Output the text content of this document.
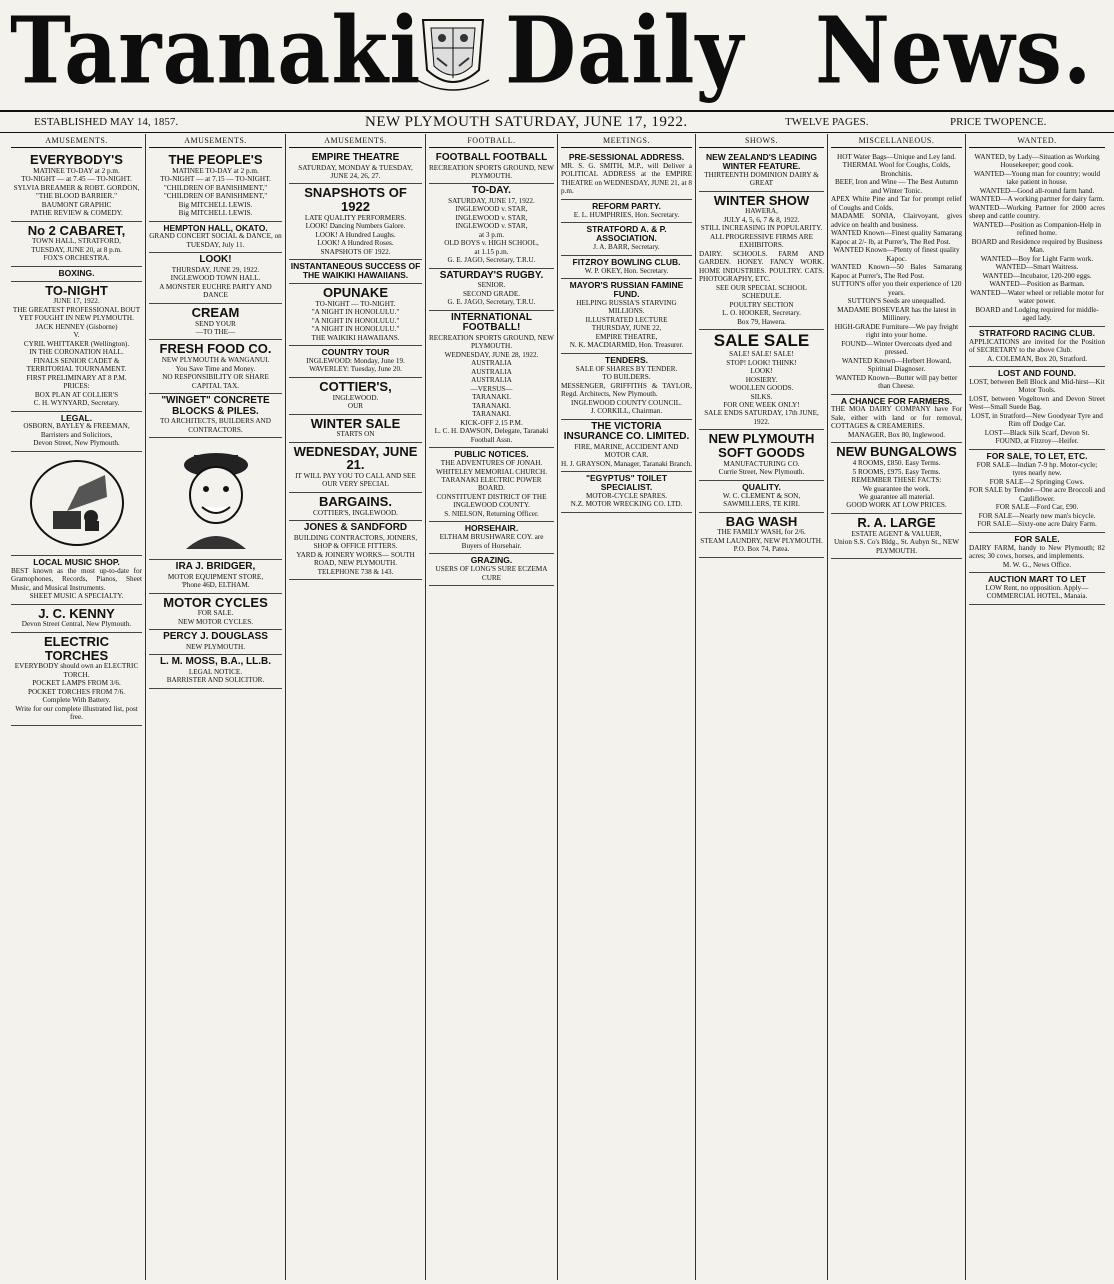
Taranaki Daily News.
ESTABLISHED MAY 14, 1857.	NEW PLYMOUTH SATURDAY, JUNE 17, 1922.	TWELVE PAGES.	PRICE TWOPENCE.
AMUSEMENTS.
EVERYBODY'S

MATINEE TO-DAY at 2 p.m.

TO-NIGHT — at 7.45 — TO-NIGHT.

SYLVIA BREAMER & ROBT. GORDON,

"THE BLOOD BARRIER."

BAUMONT GRAPHIC

PATHE REVIEW & COMEDY.

No 2 CABARET,

TOWN HALL, STRATFORD,

TUESDAY, JUNE 20, at 8 p.m.

FOX'S ORCHESTRA.

BOXING.
TO-NIGHT

JUNE 17, 1922.

THE GREATEST PROFESSIONAL BOUT YET FOUGHT IN NEW PLYMOUTH.

JACK HENNEY (Gisborne)

V.

CYRIL WHITTAKER (Wellington).

IN THE CORONATION HALL.

FINALS SENIOR CADET & TERRITORIAL TOURNAMENT.

FIRST PRELIMINARY AT 8 P.M.

PRICES:

BOX PLAN AT COLLIER'S

C. H. WYNYARD, Secretary.

LEGAL.

OSBORN, BAYLEY & FREEMAN, Barristers and Solicitors,

Devon Street, New Plymouth.

LOCAL MUSIC SHOP.

BEST known as the most up-to-date for Gramophones, Records, Pianos, Sheet Music, and Musical Instruments.

SHEET MUSIC A SPECIALTY.

J. C. KENNY

Devon Street Central, New Plymouth.

ELECTRIC TORCHES

EVERYBODY should own an ELECTRIC TORCH.

POCKET LAMPS FROM 3/6.

POCKET TORCHES FROM 7/6.

Complete With Battery.

Write for our complete illustrated list, post free.

AMUSEMENTS.
THE PEOPLE'S

MATINEE TO-DAY at 2 p.m.

TO-NIGHT — at 7.15 — TO-NIGHT.

"CHILDREN OF BANISHMENT,"

"CHILDREN OF BANISHMENT,"

Big MITCHELL LEWIS.

Big MITCHELL LEWIS.

HEMPTON HALL, OKATO.

GRAND CONCERT SOCIAL & DANCE, on TUESDAY, July 11.

LOOK!

THURSDAY, JUNE 29, 1922.

INGLEWOOD TOWN HALL.

A MONSTER EUCHRE PARTY AND DANCE

CREAM

SEND YOUR

—TO THE—

FRESH FOOD CO.

NEW PLYMOUTH & WANGANUI.

You Save Time and Money.

NO RESPONSIBILITY OR SHARE CAPITAL TAX.

"WINGET" CONCRETE BLOCKS & PILES.

TO ARCHITECTS, BUILDERS AND CONTRACTORS.

IRA J. BRIDGER,

MOTOR EQUIPMENT STORE,

'Phone 46D, ELTHAM.

MOTOR CYCLES

FOR SALE.

NEW MOTOR CYCLES.

PERCY J. DOUGLASS

NEW PLYMOUTH.

L. M. MOSS, B.A., LL.B.

LEGAL NOTICE.

BARRISTER AND SOLICITOR.

AMUSEMENTS.
EMPIRE THEATRE

SATURDAY, MONDAY & TUESDAY, JUNE 24, 26, 27.

SNAPSHOTS OF 1922

LATE QUALITY PERFORMERS.

LOOK! Dancing Numbers Galore.

LOOK! A Hundred Laughs.

LOOK! A Hundred Roses.

SNAPSHOTS OF 1922.

INSTANTANEOUS SUCCESS OF THE WAIKIKI HAWAIIANS.
OPUNAKE

TO-NIGHT — TO-NIGHT.

"A NIGHT IN HONOLULU."

"A NIGHT IN HONOLULU."

"A NIGHT IN HONOLULU."

THE WAIKIKI HAWAIIANS.

COUNTRY TOUR

INGLEWOOD: Monday, June 19.

WAVERLEY: Tuesday, June 20.

COTTIER'S,

INGLEWOOD.

OUR

WINTER SALE

STARTS ON

WEDNESDAY, JUNE 21.

IT WILL PAY YOU TO CALL AND SEE OUR VERY SPECIAL

BARGAINS.

COTTIER'S, INGLEWOOD.

JONES & SANDFORD

BUILDING CONTRACTORS, JOINERS, SHOP & OFFICE FITTERS.

YARD & JOINERY WORKS— SOUTH ROAD, NEW PLYMOUTH.

TELEPHONE 738 & 143.

FOOTBALL.
FOOTBALL FOOTBALL

RECREATION SPORTS GROUND, NEW PLYMOUTH.

TO-DAY.

SATURDAY, JUNE 17, 1922.

INGLEWOOD v. STAR,

INGLEWOOD v. STAR,

INGLEWOOD v. STAR,

at 3 p.m.

OLD BOYS v. HIGH SCHOOL,

at 1.15 p.m.

G. E. JAGO, Secretary, T.R.U.

SATURDAY'S RUGBY.

SENIOR.

SECOND GRADE.

G. E. JAGO, Secretary, T.R.U.

INTERNATIONAL FOOTBALL!

RECREATION SPORTS GROUND, NEW PLYMOUTH.

WEDNESDAY, JUNE 28, 1922.

AUSTRALIA

AUSTRALIA

AUSTRALIA

—VERSUS—

TARANAKI.

TARANAKI.

TARANAKI.

KICK-OFF 2.15 P.M.

L. C. H. DAWSON, Delegate, Taranaki Football Assn.

PUBLIC NOTICES.

THE ADVENTURES OF JONAH.

WHITELEY MEMORIAL CHURCH.

TARANAKI ELECTRIC POWER BOARD.

CONSTITUENT DISTRICT OF THE INGLEWOOD COUNTY.

S. NIELSON, Returning Officer.

HORSEHAIR.

ELTHAM BRUSHWARE COY. are Buyers of Horsehair.

GRAZING.

USERS OF LONG'S SURE ECZEMA CURE

MEETINGS.
PRE-SESSIONAL ADDRESS.

MR. S. G. SMITH, M.P., will Deliver a POLITICAL ADDRESS at the EMPIRE THEATRE on WEDNESDAY, JUNE 21, at 8 p.m.

REFORM PARTY.

E. L. HUMPHRIES, Hon. Secretary.

STRATFORD A. & P. ASSOCIATION.

J. A. BARR, Secretary.

FITZROY BOWLING CLUB.

W. P. OKEY, Hon. Secretary.

MAYOR'S RUSSIAN FAMINE FUND.

HELPING RUSSIA'S STARVING MILLIONS.

ILLUSTRATED LECTURE

THURSDAY, JUNE 22,

EMPIRE THEATRE,

N. K. MACDIARMID, Hon. Treasurer.

TENDERS.

SALE OF SHARES BY TENDER.

TO BUILDERS.

MESSENGER, GRIFFITHS & TAYLOR, Regd. Architects, New Plymouth.

INGLEWOOD COUNTY COUNCIL.

J. CORKILL, Chairman.

THE VICTORIA INSURANCE CO. LIMITED.

FIRE, MARINE, ACCIDENT AND MOTOR CAR.

H. J. GRAYSON, Manager, Taranaki Branch.

"EGYPTUS" TOILET SPECIALIST.

MOTOR-CYCLE SPARES.

N.Z. MOTOR WRECKING CO. LTD.

SHOWS.
NEW ZEALAND'S LEADING WINTER FEATURE.

THIRTEENTH DOMINION DAIRY & GREAT

WINTER SHOW

HAWERA,

JULY 4, 5, 6, 7 & 8, 1922.

STILL INCREASING IN POPULARITY.

ALL PROGRESSIVE FIRMS ARE EXHIBITORS.

DAIRY. SCHOOLS. FARM AND GARDEN. HONEY. FANCY WORK. HOME INDUSTRIES. POULTRY. CATS. PHOTOGRAPHY, ETC.

SEE OUR SPECIAL SCHOOL SCHEDULE.

POULTRY SECTION

L. O. HOOKER, Secretary.

Box 79, Hawera.

SALE SALE

SALE! SALE! SALE!

STOP! LOOK! THINK!

LOOK!

HOSIERY.

WOOLLEN GOODS.

SILKS.

FOR ONE WEEK ONLY!

SALE ENDS SATURDAY, 17th JUNE, 1922.

NEW PLYMOUTH SOFT GOODS

MANUFACTURING CO.

Currie Street, New Plymouth.

QUALITY.

W. C. CLEMENT & SON, SAWMILLERS, TE KIRI.

BAG WASH

THE FAMILY WASH, for 2/6.

STEAM LAUNDRY, NEW PLYMOUTH.

P.O. Box 74, Patea.

MISCELLANEOUS.

HOT Water Bags—Unique and Ley land.

THERMAL Wool for Coughs, Colds, Bronchitis.

BEEF, Iron and Wine — The Best Autumn and Winter Tonic.

APEX White Pine and Tar for prompt relief of Coughs and Colds.

MADAME SONIA, Clairvoyant, gives advice on health and business.

WANTED Known—Finest quality Samarang Kapoc at 2/- lb, at Purrer's, The Red Post.

WANTED Known—Plenty of finest quality Kapoc.

WANTED Known—50 Bales Samarang Kapoc at Purrer's, The Red Post.

SUTTON'S offer you their experience of 120 years.

SUTTON'S Seeds are unequalled.

MADAME BOSEVEAR has the latest in Millinery.

HIGH-GRADE Furniture—We pay freight right into your home.

FOUND—Winter Overcoats dyed and pressed.

WANTED Known—Herbert Howard, Spiritual Diagnoser.

WANTED Known—Butter will pay better than Cheese.

A CHANCE FOR FARMERS.

THE MOA DAIRY COMPANY have For Sale, either with land or for removal, COTTAGES & CREAMERIES.

MANAGER, Box 80, Inglewood.

NEW BUNGALOWS

4 ROOMS, £850. Easy Terms.

5 ROOMS, £975. Easy Terms.

REMEMBER THESE FACTS:

We guarantee the work.

We guarantee all material.

GOOD WORK AT LOW PRICES.

R. A. LARGE

ESTATE AGENT & VALUER,

Union S.S. Co's Bldg., St. Aubyn St., NEW PLYMOUTH.

WANTED.

WANTED, by Lady—Situation as Working Housekeeper; good cook.

WANTED—Young man for country; would take patient in house.

WANTED—Good all-round farm hand.

WANTED—A working partner for dairy farm.

WANTED—Working Partner for 2000 acres sheep and cattle country.

WANTED—Position as Companion-Help in refined home.

BOARD and Residence required by Business Man.

WANTED—Boy for Light Farm work.

WANTED—Smart Waitress.

WANTED—Incubator, 120-200 eggs.

WANTED—Position as Barman.

WANTED—Water wheel or reliable motor for water power.

BOARD and Lodging required for middle-aged lady.

STRATFORD RACING CLUB.

APPLICATIONS are invited for the Position of SECRETARY to the above Club.

A. COLEMAN, Box 20, Stratford.

LOST AND FOUND.

LOST, between Bell Block and Mid-hirst—Kit Motor Tools.

LOST, between Vogeltown and Devon Street West—Small Suede Bag.

LOST, in Stratford—New Goodyear Tyre and Rim off Dodge Car.

LOST—Black Silk Scarf, Devon St.

FOUND, at Fitzroy—Heifer.

FOR SALE, TO LET, ETC.

FOR SALE—Indian 7-9 hp. Motor-cycle; tyres nearly new.

FOR SALE—2 Springing Cows.

FOR SALE by Tender—One acre Broccoli and Cauliflower.

FOR SALE—Ford Car, £90.

FOR SALE—Nearly new man's bicycle.

FOR SALE—Sixty-one acre Dairy Farm.

FOR SALE.

DAIRY FARM, handy to New Plymouth; 82 acres; 30 cows, horses, and implements.

M. W. G., News Office.

AUCTION MART TO LET

LOW Rent, no opposition. Apply—

COMMERCIAL HOTEL, Manaia.
